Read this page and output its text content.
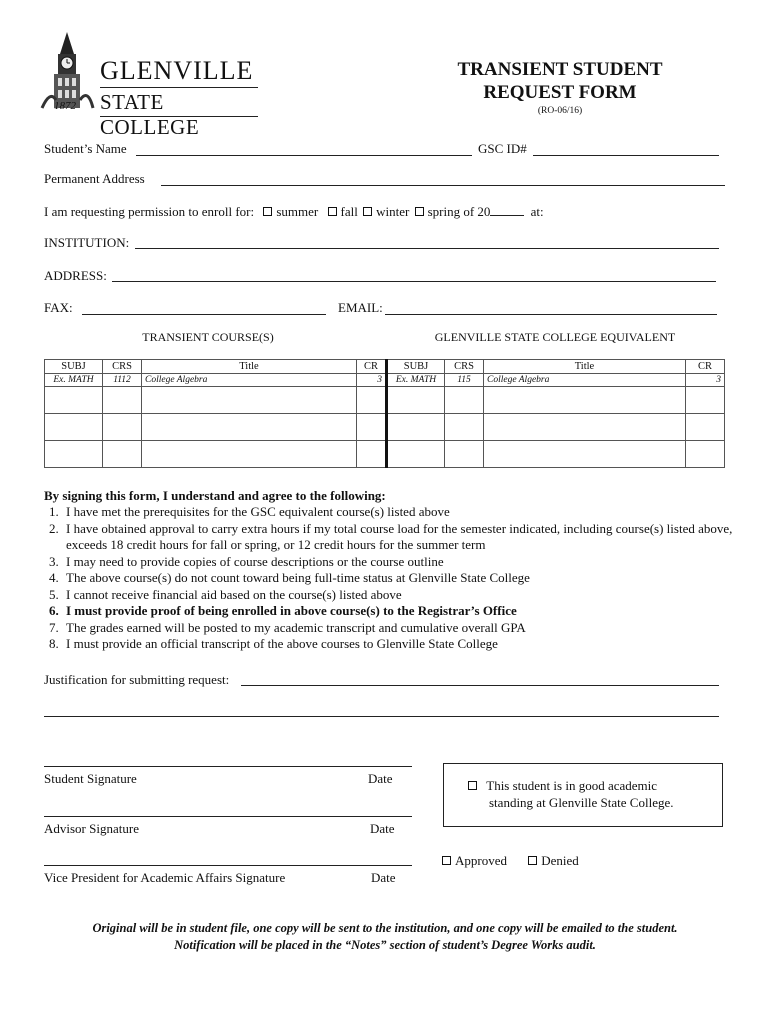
1872
GLENVILLE
STATE COLLEGE
TRANSIENT STUDENT
REQUEST FORM
(RO-06/16)
Student’s Name	GSC ID#
Permanent Address
I am requesting permission to enroll for: summer fall winter spring of 20	at:
INSTITUTION:
ADDRESS:
FAX:	EMAIL:
TRANSIENT COURSE(S)	GLENVILLE STATE COLLEGE EQUIVALENT
SUBJ	CRS	Title	CR	SUBJ	CRS	Title	CR
Ex. MATH	1112	College Algebra	3	Ex. MATH	115	College Algebra	3

By signing this form, I understand and agree to the following:
1. I have met the prerequisites for the GSC equivalent course(s) listed above
2. I have obtained approval to carry extra hours if my total course load for the semester indicated, including course(s) listed above, exceeds 18 credit hours for fall or spring, or 12 credit hours for the summer term
3. I may need to provide copies of course descriptions or the course outline
4. The above course(s) do not count toward being full-time status at Glenville State College
5. I cannot receive financial aid based on the course(s) listed above
6. I must provide proof of being enrolled in above course(s) to the Registrar’s Office
7. The grades earned will be posted to my academic transcript and cumulative overall GPA
8. I must provide an official transcript of the above courses to Glenville State College
Justification for submitting request:
Student Signature	Date
Advisor Signature	Date
Vice President for Academic Affairs Signature	Date
This student is in good academic
standing at Glenville State College.
Approved	Denied
Original will be in student file, one copy will be sent to the institution, and one copy will be emailed to the student.
Notification will be placed in the “Notes” section of student’s Degree Works audit.
